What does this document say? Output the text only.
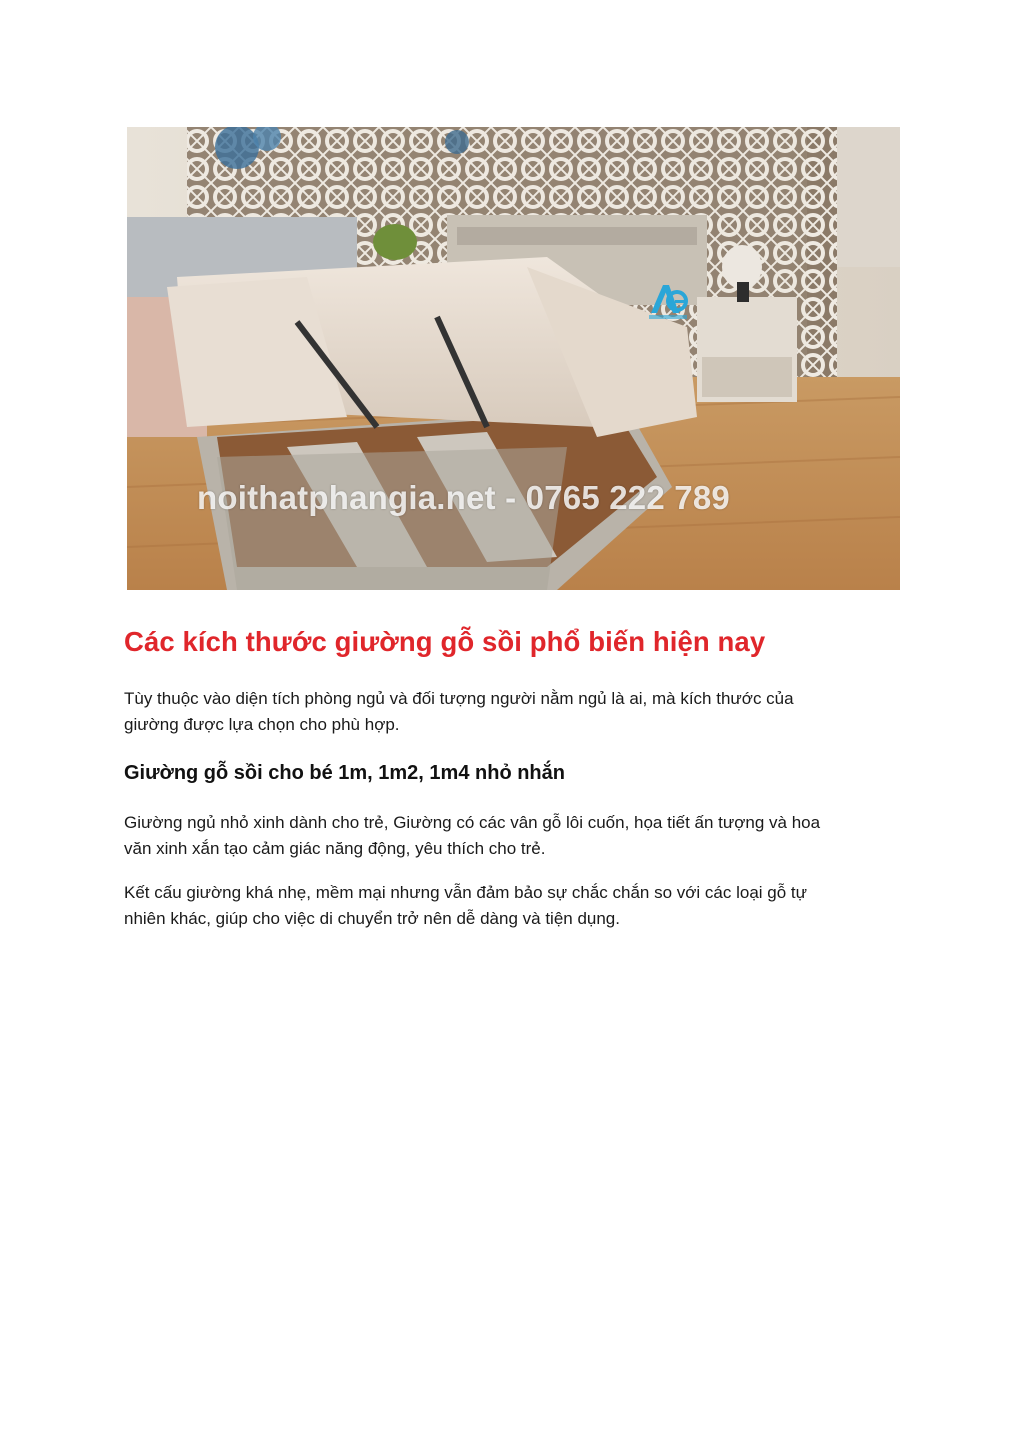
noithatphangia.net - 0765 222 789
Các kích thước giường gỗ sồi phổ biến hiện nay
Tùy thuộc vào diện tích phòng ngủ và đối tượng người nằm ngủ là ai, mà kích thước của
giường được lựa chọn cho phù hợp.
Giường gỗ sồi cho bé 1m, 1m2, 1m4 nhỏ nhắn
Giường ngủ nhỏ xinh dành cho trẻ, Giường có các vân gỗ lôi cuốn, họa tiết ấn tượng và hoa
văn xinh xắn tạo cảm giác năng động, yêu thích cho trẻ.
Kết cấu giường khá nhẹ, mềm mại nhưng vẫn đảm bảo sự chắc chắn so với các loại gỗ tự
nhiên khác, giúp cho việc di chuyển trở nên dễ dàng và tiện dụng.
